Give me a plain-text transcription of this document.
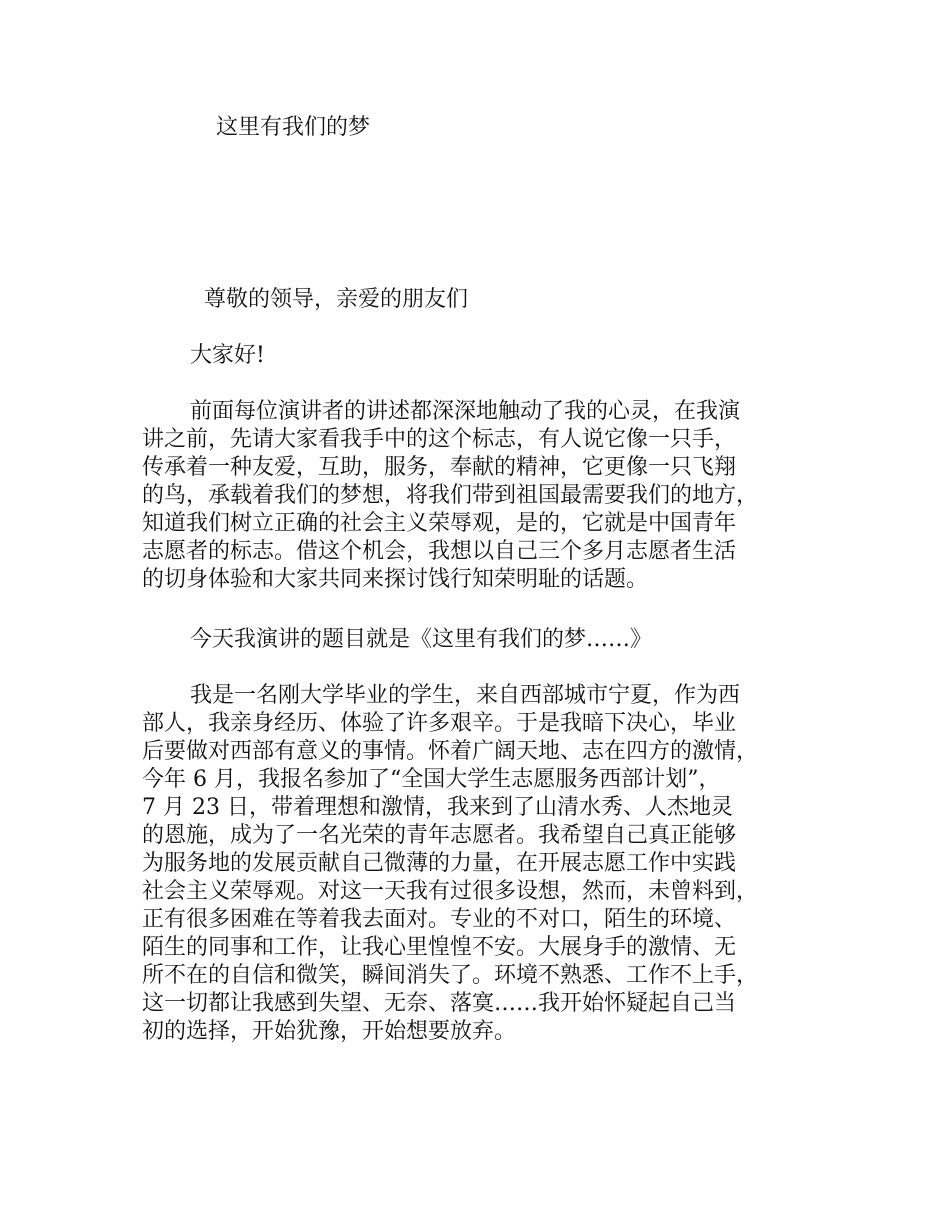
这里有我们的梦
尊敬的领导，亲爱的朋友们
大家好!
前面每位演讲者的讲述都深深地触动了我的心灵，在我演
讲之前，先请大家看我手中的这个标志，有人说它像一只手，
传承着一种友爱，互助，服务，奉献的精神，它更像一只飞翔
的鸟，承载着我们的梦想，将我们带到祖国最需要我们的地方，
知道我们树立正确的社会主义荣辱观，是的，它就是中国青年
志愿者的标志。借这个机会，我想以自己三个多月志愿者生活
的切身体验和大家共同来探讨饯行知荣明耻的话题。
今天我演讲的题目就是《这里有我们的梦……》
我是一名刚大学毕业的学生，来自西部城市宁夏，作为西
部人，我亲身经历、体验了许多艰辛。于是我暗下决心，毕业
后要做对西部有意义的事情。怀着广阔天地、志在四方的激情，
今年 6 月，我报名参加了“全国大学生志愿服务西部计划”，
7 月 23 日，带着理想和激情，我来到了山清水秀、人杰地灵
的恩施，成为了一名光荣的青年志愿者。我希望自己真正能够
为服务地的发展贡献自己微薄的力量，在开展志愿工作中实践
社会主义荣辱观。对这一天我有过很多设想，然而，未曾料到，
正有很多困难在等着我去面对。专业的不对口，陌生的环境、
陌生的同事和工作，让我心里惶惶不安。大展身手的激情、无
所不在的自信和微笑，瞬间消失了。环境不熟悉、工作不上手，
这一切都让我感到失望、无奈、落寞……我开始怀疑起自己当
初的选择，开始犹豫，开始想要放弃。
